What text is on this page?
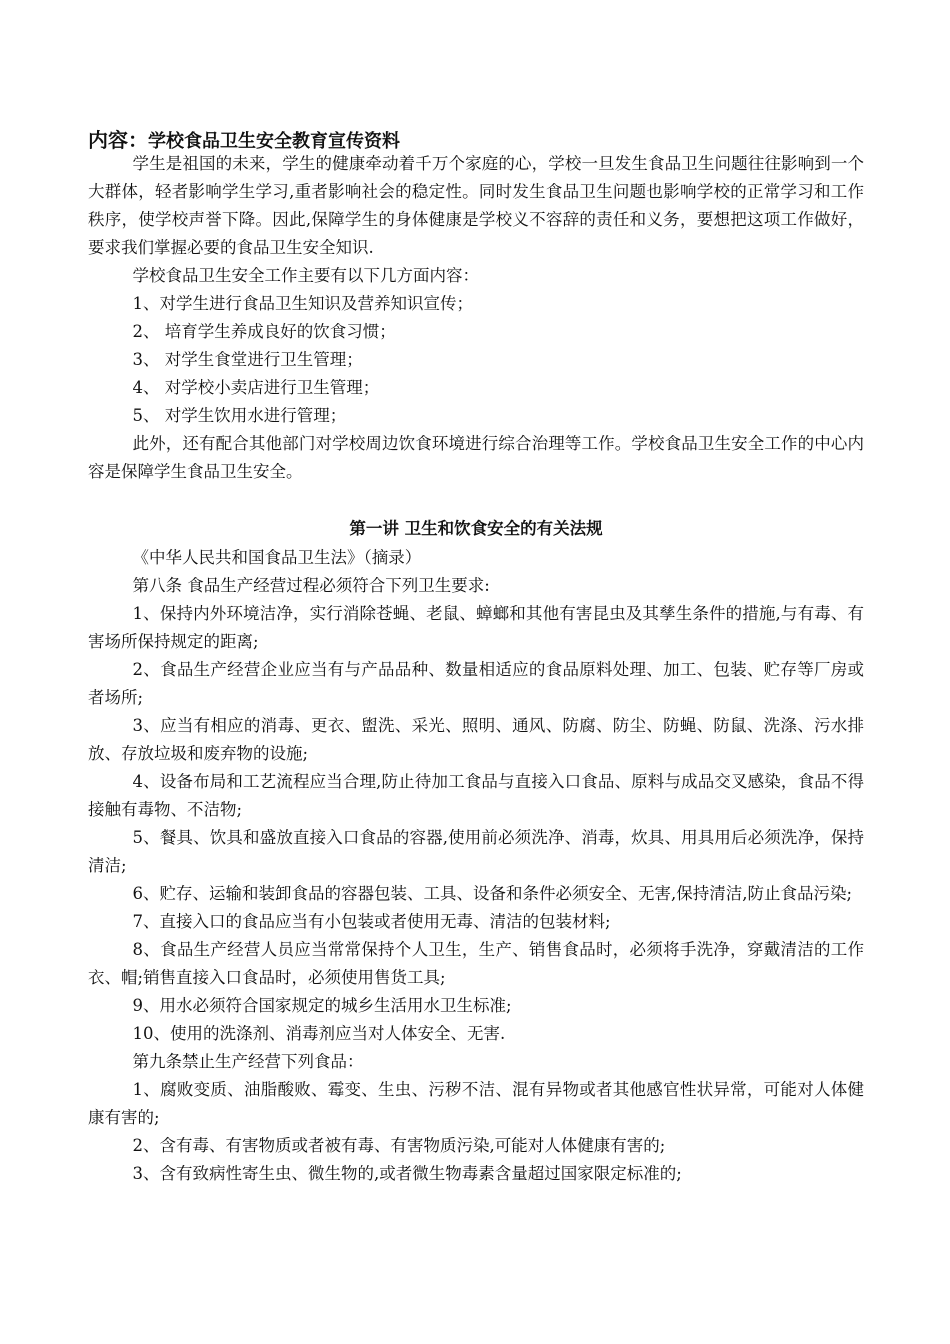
内容：学校食品卫生安全教育宣传资料

学生是祖国的未来，学生的健康牵动着千万个家庭的心，学校一旦发生食品卫生问题往往影响到一个大群体，轻者影响学生学习,重者影响社会的稳定性。同时发生食品卫生问题也影响学校的正常学习和工作秩序，使学校声誉下降。因此,保障学生的身体健康是学校义不容辞的责任和义务，要想把这项工作做好，要求我们掌握必要的食品卫生安全知识.

学校食品卫生安全工作主要有以下几方面内容：

1、对学生进行食品卫生知识及营养知识宣传；

2、 培育学生养成良好的饮食习惯；

3、 对学生食堂进行卫生管理；

4、 对学校小卖店进行卫生管理；

5、 对学生饮用水进行管理；

此外，还有配合其他部门对学校周边饮食环境进行综合治理等工作。学校食品卫生安全工作的中心内容是保障学生食品卫生安全。

第一讲 卫生和饮食安全的有关法规

《中华人民共和国食品卫生法》（摘录）

第八条 食品生产经营过程必须符合下列卫生要求:

1、保持内外环境洁净，实行消除苍蝇、老鼠、蟑螂和其他有害昆虫及其孳生条件的措施,与有毒、有害场所保持规定的距离;

2、食品生产经营企业应当有与产品品种、数量相适应的食品原料处理、加工、包装、贮存等厂房或者场所;

3、应当有相应的消毒、更衣、盥洗、采光、照明、通风、防腐、防尘、防蝇、防鼠、洗涤、污水排放、存放垃圾和废弃物的设施;

4、设备布局和工艺流程应当合理,防止待加工食品与直接入口食品、原料与成品交叉感染，食品不得接触有毒物、不洁物;

5、餐具、饮具和盛放直接入口食品的容器,使用前必须洗净、消毒，炊具、用具用后必须洗净，保持清洁;

6、贮存、运输和装卸食品的容器包装、工具、设备和条件必须安全、无害,保持清洁,防止食品污染;

7、直接入口的食品应当有小包装或者使用无毒、清洁的包装材料;

8、食品生产经营人员应当常常保持个人卫生，生产、销售食品时，必须将手洗净，穿戴清洁的工作衣、帽;销售直接入口食品时，必须使用售货工具;

9、用水必须符合国家规定的城乡生活用水卫生标准;

10、使用的洗涤剂、消毒剂应当对人体安全、无害.

第九条禁止生产经营下列食品：

1、腐败变质、油脂酸败、霉变、生虫、污秽不洁、混有异物或者其他感官性状异常，可能对人体健康有害的;

2、含有毒、有害物质或者被有毒、有害物质污染,可能对人体健康有害的;

3、含有致病性寄生虫、微生物的,或者微生物毒素含量超过国家限定标准的;
